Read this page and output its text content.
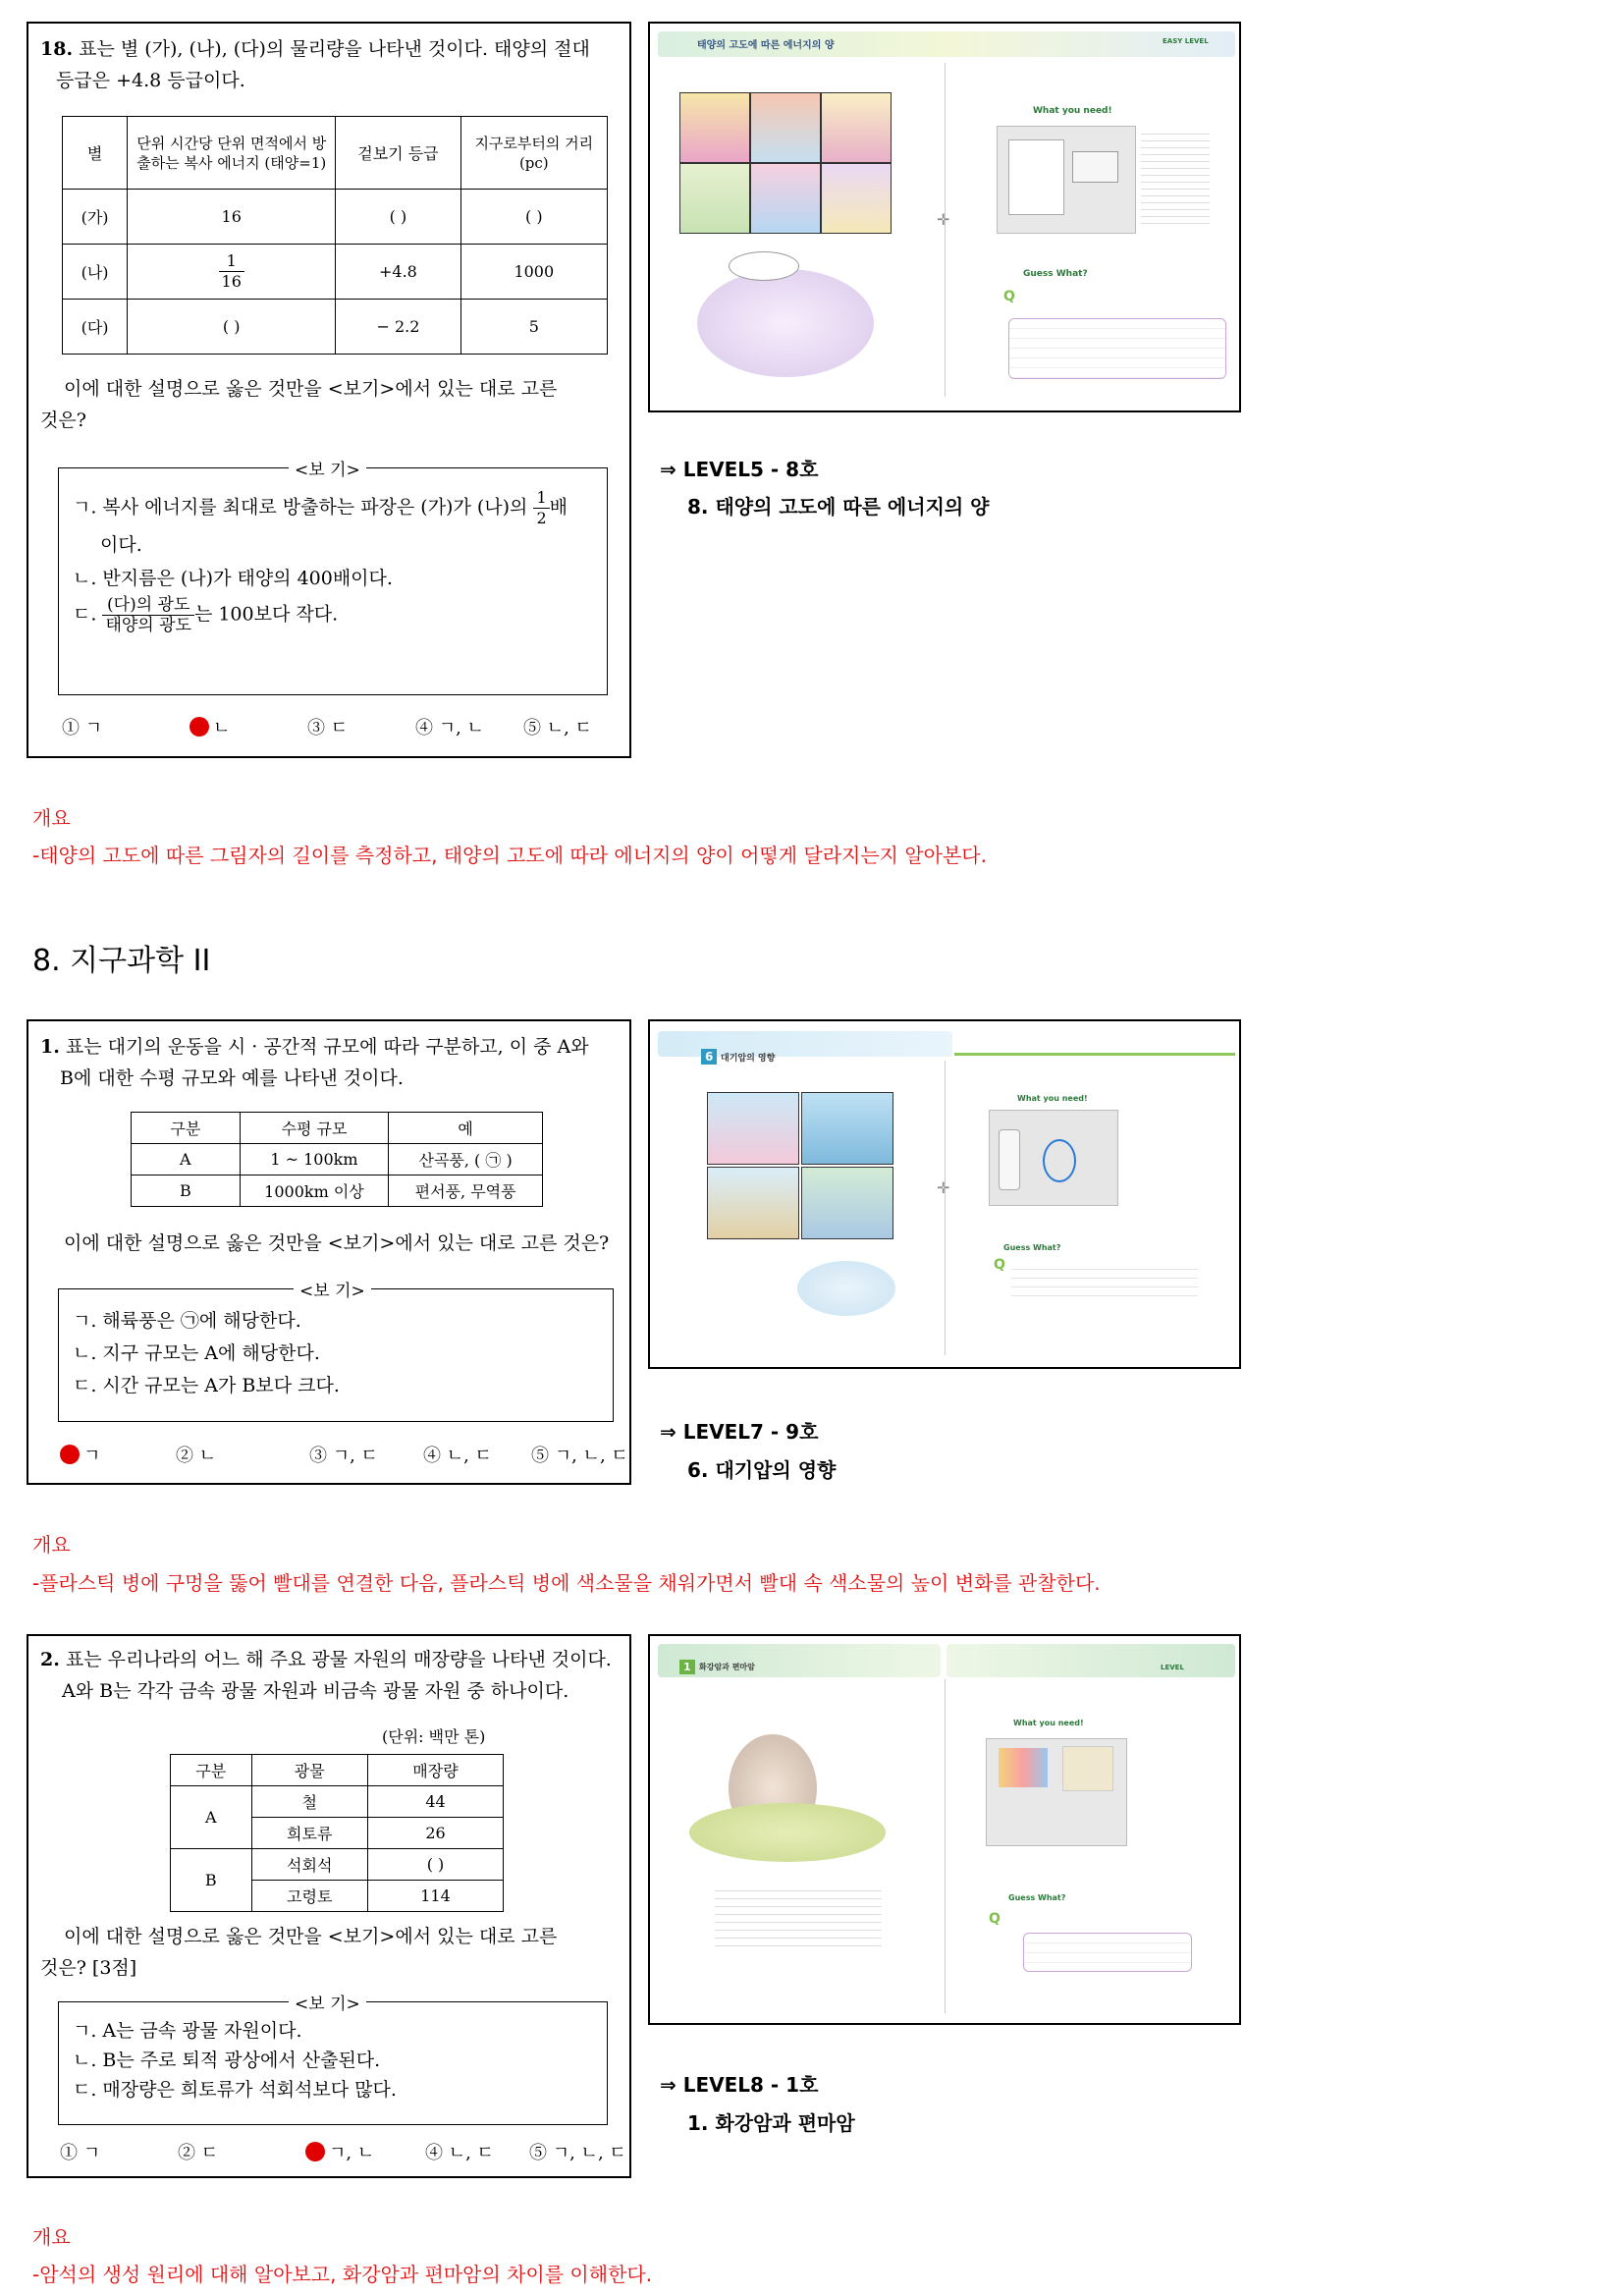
18. 표는 별 (가), (나), (다)의 물리량을 나타낸 것이다. 태양의 절대
등급은 +4.8 등급이다.
별	단위 시간당 단위 면적에서 방출하는 복사 에너지 (태양=1)	겉보기 등급	지구로부터의 거리(pc)
(가)	16	( )	( )
(나)	$\frac{1}{16}$	+4.8	1000
(다)	( )	− 2.2	5
이에 대한 설명으로 옳은 것만을 <보기>에서 있는 대로 고른
것은?
ㄱ. 복사 에너지를 최대로 방출하는 파장은 (가)가 (나)의 $\frac{1}{2}$ 배
이다.
ㄴ. 반지름은 (나)가 태양의 400배이다.
ㄷ. $\frac{\text{(다)의 광도}}{\text{태양의 광도}}$ 는 100보다 작다.
<보 기>
① ㄱ	ㄴ	③ ㄷ	④ ㄱ, ㄴ ⑤ ㄴ, ㄷ
태양의 고도에 따른 에너지의 양	EASY LEVEL
✛
What you need!
Guess What?
Q
⇒ LEVEL5 - 8호
8. 태양의 고도에 따른 에너지의 양
개요
-태양의 고도에 따른 그림자의 길이를 측정하고, 태양의 고도에 따라 에너지의 양이 어떻게 달라지는지 알아본다.
8. 지구과학 II
1. 표는 대기의 운동을 시 · 공간적 규모에 따라 구분하고, 이 중 A와
B에 대한 수평 규모와 예를 나타낸 것이다.
구분	수평 규모	예
A	1 ~ 100km	산곡풍, ( ㉠ )
B	1000km 이상	편서풍, 무역풍
이에 대한 설명으로 옳은 것만을 <보기>에서 있는 대로 고른 것은?
ㄱ. 해륙풍은 ㉠에 해당한다.
ㄴ. 지구 규모는 A에 해당한다.
ㄷ. 시간 규모는 A가 B보다 크다.
<보 기>
ㄱ	② ㄴ	③ ㄱ, ㄷ	④ ㄴ, ㄷ ⑤ ㄱ, ㄴ, ㄷ
6 대기압의 영향
✛
What you need!
Guess What?
Q
⇒ LEVEL7 - 9호
6. 대기압의 영향
개요
-플라스틱 병에 구멍을 뚫어 빨대를 연결한 다음, 플라스틱 병에 색소물을 채워가면서 빨대 속 색소물의 높이 변화를 관찰한다.
2. 표는 우리나라의 어느 해 주요 광물 자원의 매장량을 나타낸 것이다.
A와 B는 각각 금속 광물 자원과 비금속 광물 자원 중 하나이다.
(단위: 백만 톤)
구분	광물	매장량
A	철	44
	희토류	26
B	석회석	( )
	고령토	114
이에 대한 설명으로 옳은 것만을 <보기>에서 있는 대로 고른
것은? [3점]
ㄱ. A는 금속 광물 자원이다.
ㄴ. B는 주로 퇴적 광상에서 산출된다.
ㄷ. 매장량은 희토류가 석회석보다 많다.
<보 기>
① ㄱ	② ㄷ	ㄱ, ㄴ	④ ㄴ, ㄷ ⑤ ㄱ, ㄴ, ㄷ
1	화강암과 편마암	LEVEL
What you need!
Guess What?
Q
⇒ LEVEL8 - 1호
1. 화강암과 편마암
개요
-암석의 생성 원리에 대해 알아보고, 화강암과 편마암의 차이를 이해한다.
